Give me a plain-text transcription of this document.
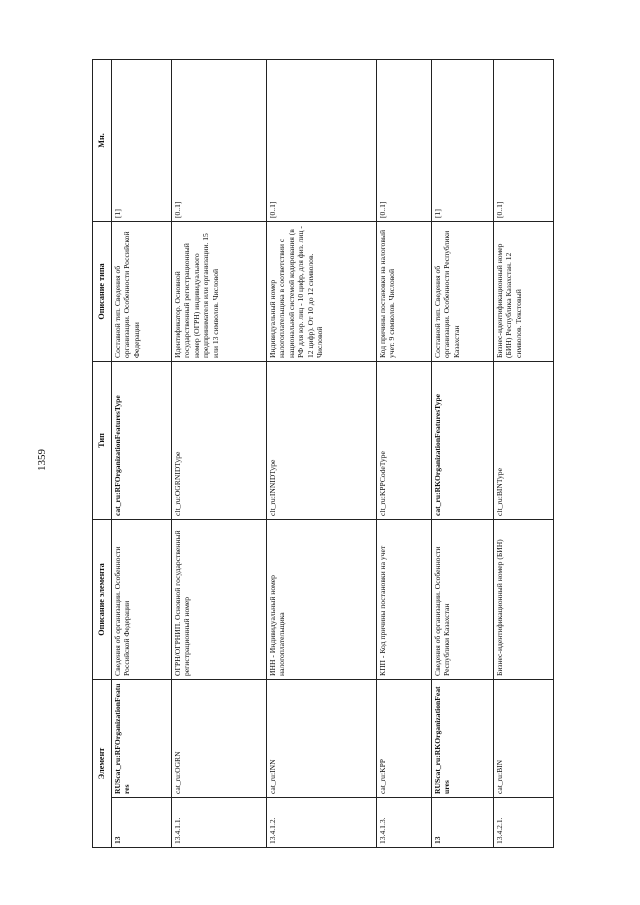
1359
Элемент		Описание элемента	Тип	Описание типа	Мн.
13	RUScat_ru:RFOrganizationFeatures	Сведения об организации. Особенности Российской Федерации	cat_ru:RFOrganizationFeaturesType	Составной тип. Сведения об организации. Особенности Российской Федерации	[1]
13.4.1.1.	cat_ru:OGRN	ОГРН/ОГРНИП. Основной государственный регистрационный номер	clt_ru:OGRNIDType	Идентификатор. Основной государственный регистрационный номер (ОГРН) индивидуального предпринимателя или организации. 15 или 13 символов. Числовой	[0..1]
13.4.1.2.	cat_ru:INN	ИНН - Индивидуальный номер налогоплательщика	clt_ru:INNIDType	Индивидуальный номер налогоплательщика в соответствии с национальной системой кодирования (в РФ для юр. лиц - 10 цифр, для физ. лиц - 12 цифр). От 10 до 12 символов. Числовой	[0..1]
13.4.1.3.	cat_ru:KPP	КПП - Код причины постановки на учет	clt_ru:KPPCodeType	Код причины постановки на налоговый учет. 9 символов. Числовой	[0..1]
13	RUScat_ru:RKOrganizationFeatures	Сведения об организации. Особенности Республики Казахстан	cat_ru:RKOrganizationFeaturesType	Составной тип. Сведения об организации. Особенности Республики Казахстан	[1]
13.4.2.1.	cat_ru:BIN	Бизнес-идентификационный номер (БИН)	clt_ru:BINType	Бизнес-идентификационный номер (БИН) Республика Казахстан. 12 символов. Текстовый	[0..1]
